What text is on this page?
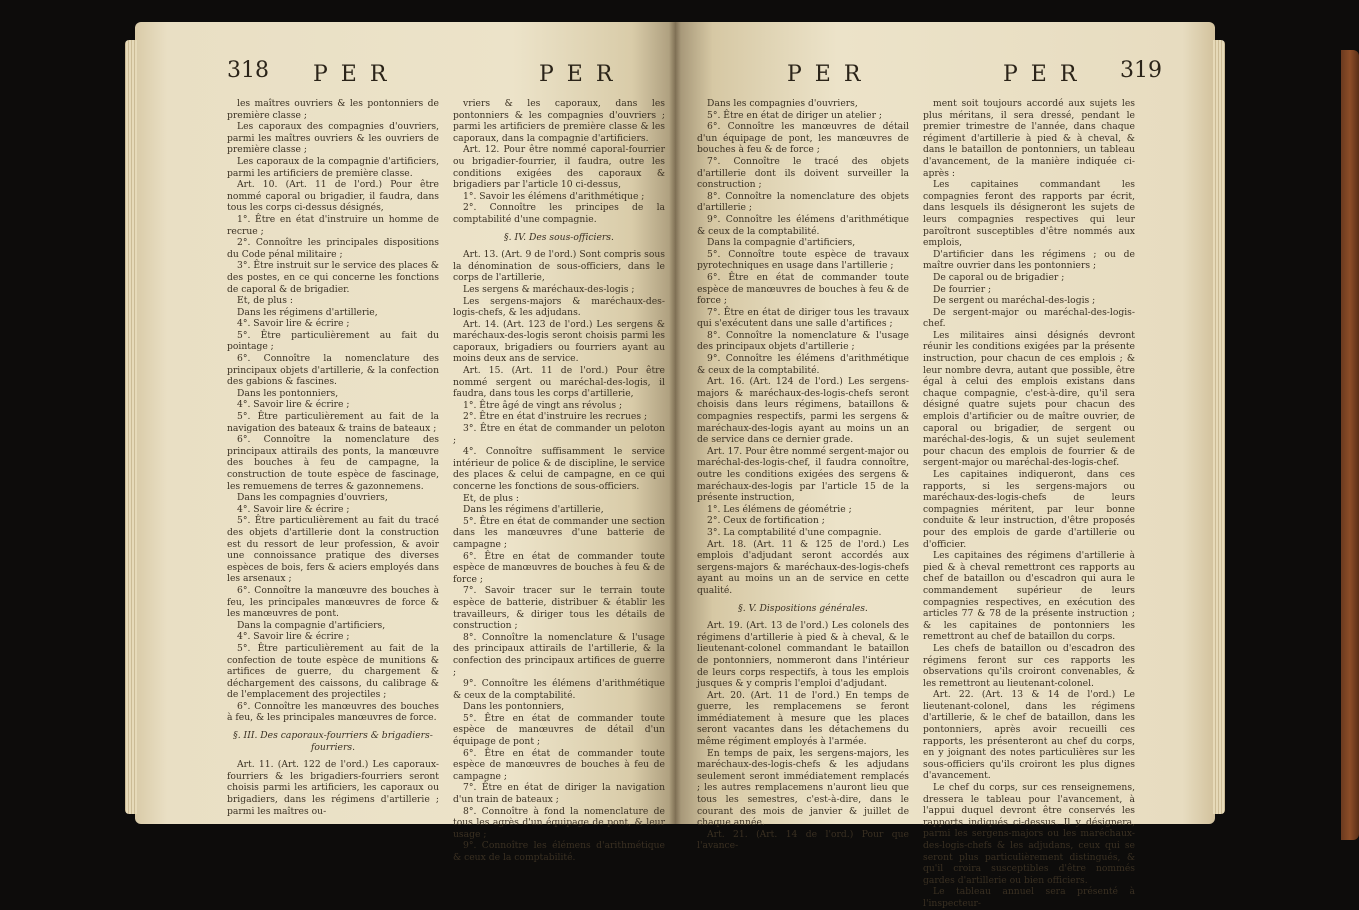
318 P E R	P E R

les maîtres ouvriers & les pontonniers de première classe ;

Les caporaux des compagnies d'ouvriers, parmi les maîtres ouvriers & les ouvriers de première classe ;

Les caporaux de la compagnie d'artificiers, parmi les artificiers de première classe.

Art. 10. (Art. 11 de l'ord.) Pour être nommé caporal ou brigadier, il faudra, dans tous les corps ci-dessus désignés,

1°. Être en état d'instruire un homme de recrue ;

2°. Connoître les principales dispositions du Code pénal militaire ;

3°. Être instruit sur le service des places & des postes, en ce qui concerne les fonctions de caporal & de brigadier.

Et, de plus :

Dans les régimens d'artillerie,

4°. Savoir lire & écrire ;

5°. Être particulièrement au fait du pointage ;

6°. Connoître la nomenclature des principaux objets d'artillerie, & la confection des gabions & fascines.

Dans les pontonniers,

4°. Savoir lire & écrire ;

5°. Être particulièrement au fait de la navigation des bateaux & trains de bateaux ;

6°. Connoître la nomenclature des principaux attirails des ponts, la manœuvre des bouches à feu de campagne, la construction de toute espèce de fascinage, les remuemens de terres & gazonnemens.

Dans les compagnies d'ouvriers,

4°. Savoir lire & écrire ;

5°. Être particulièrement au fait du tracé des objets d'artillerie dont la construction est du ressort de leur profession, & avoir une connoissance pratique des diverses espèces de bois, fers & aciers employés dans les arsenaux ;

6°. Connoître la manœuvre des bouches à feu, les principales manœuvres de force & les manœuvres de pont.

Dans la compagnie d'artificiers,

4°. Savoir lire & écrire ;

5°. Être particulièrement au fait de la confection de toute espèce de munitions & artifices de guerre, du chargement & déchargement des caissons, du calibrage & de l'emplacement des projectiles ;

6°. Connoître les manœuvres des bouches à feu, & les principales manœuvres de force.

§. III. Des caporaux-fourriers & brigadiers-fourriers.

Art. 11. (Art. 122 de l'ord.) Les caporaux-fourriers & les brigadiers-fourriers seront choisis parmi les artificiers, les caporaux ou brigadiers, dans les régimens d'artillerie ; parmi les maîtres ou-

vriers & les caporaux, dans les pontonniers & les compagnies d'ouvriers ; parmi les artificiers de première classe & les caporaux, dans la compagnie d'artificiers.

Art. 12. Pour être nommé caporal-fourrier ou brigadier-fourrier, il faudra, outre les conditions exigées des caporaux & brigadiers par l'article 10 ci-dessus,

1°. Savoir les élémens d'arithmétique ;

2°. Connoître les principes de la comptabilité d'une compagnie.

§. IV. Des sous-officiers.

Art. 13. (Art. 9 de l'ord.) Sont compris sous la dénomination de sous-officiers, dans le corps de l'artillerie,

Les sergens & maréchaux-des-logis ;

Les sergens-majors & maréchaux-des-logis-chefs, & les adjudans.

Art. 14. (Art. 123 de l'ord.) Les sergens & maréchaux-des-logis seront choisis parmi les caporaux, brigadiers ou fourriers ayant au moins deux ans de service.

Art. 15. (Art. 11 de l'ord.) Pour être nommé sergent ou maréchal-des-logis, il faudra, dans tous les corps d'artillerie,

1°. Être âgé de vingt ans révolus ;

2°. Être en état d'instruire les recrues ;

3°. Être en état de commander un peloton ;

4°. Connoître suffisamment le service intérieur de police & de discipline, le service des places & celui de campagne, en ce qui concerne les fonctions de sous-officiers.

Et, de plus :

Dans les régimens d'artillerie,

5°. Être en état de commander une section dans les manœuvres d'une batterie de campagne ;

6°. Être en état de commander toute espèce de manœuvres de bouches à feu & de force ;

7°. Savoir tracer sur le terrain toute espèce de batterie, distribuer & établir les travailleurs, & diriger tous les détails de construction ;

8°. Connoître la nomenclature & l'usage des principaux attirails de l'artillerie, & la confection des principaux artifices de guerre ;

9°. Connoître les élémens d'arithmétique & ceux de la comptabilité.

Dans les pontonniers,

5°. Être en état de commander toute espèce de manœuvres de détail d'un équipage de pont ;

6°. Être en état de commander toute espèce de manœuvres de bouches à feu de campagne ;

7°. Être en état de diriger la navigation d'un train de bateaux ;

8°. Connoître à fond la nomenclature de tous les agrès d'un équipage de pont, & leur usage ;

9°. Connoître les élémens d'arithmétique & ceux de la comptabilité.

P E R	P E R 319

Dans les compagnies d'ouvriers,

5°. Être en état de diriger un atelier ;

6°. Connoître les manœuvres de détail d'un équipage de pont, les manœuvres de bouches à feu & de force ;

7°. Connoître le tracé des objets d'artillerie dont ils doivent surveiller la construction ;

8°. Connoître la nomenclature des objets d'artillerie ;

9°. Connoître les élémens d'arithmétique & ceux de la comptabilité.

Dans la compagnie d'artificiers,

5°. Connoître toute espèce de travaux pyrotechniques en usage dans l'artillerie ;

6°. Être en état de commander toute espèce de manœuvres de bouches à feu & de force ;

7°. Être en état de diriger tous les travaux qui s'exécutent dans une salle d'artifices ;

8°. Connoître la nomenclature & l'usage des principaux objets d'artillerie ;

9°. Connoître les élémens d'arithmétique & ceux de la comptabilité.

Art. 16. (Art. 124 de l'ord.) Les sergens-majors & maréchaux-des-logis-chefs seront choisis dans leurs régimens, bataillons & compagnies respectifs, parmi les sergens & maréchaux-des-logis ayant au moins un an de service dans ce dernier grade.

Art. 17. Pour être nommé sergent-major ou maréchal-des-logis-chef, il faudra connoître, outre les conditions exigées des sergens & maréchaux-des-logis par l'article 15 de la présente instruction,

1°. Les élémens de géométrie ;

2°. Ceux de fortification ;

3°. La comptabilité d'une compagnie.

Art. 18. (Art. 11 & 125 de l'ord.) Les emplois d'adjudant seront accordés aux sergens-majors & maréchaux-des-logis-chefs ayant au moins un an de service en cette qualité.

§. V. Dispositions générales.

Art. 19. (Art. 13 de l'ord.) Les colonels des régimens d'artillerie à pied & à cheval, & le lieutenant-colonel commandant le bataillon de pontonniers, nommeront dans l'intérieur de leurs corps respectifs, à tous les emplois jusques & y compris l'emploi d'adjudant.

Art. 20. (Art. 11 de l'ord.) En temps de guerre, les remplacemens se feront immédiatement à mesure que les places seront vacantes dans les détachemens du même régiment employés à l'armée.

En temps de paix, les sergens-majors, les maréchaux-des-logis-chefs & les adjudans seulement seront immédiatement remplacés ; les autres remplacemens n'auront lieu que tous les semestres, c'est-à-dire, dans le courant des mois de janvier & juillet de chaque année.

Art. 21. (Art. 14 de l'ord.) Pour que l'avance-

ment soit toujours accordé aux sujets les plus méritans, il sera dressé, pendant le premier trimestre de l'année, dans chaque régiment d'artillerie à pied & à cheval, & dans le bataillon de pontonniers, un tableau d'avancement, de la manière indiquée ci-après :

Les capitaines commandant les compagnies feront des rapports par écrit, dans lesquels ils désigneront les sujets de leurs compagnies respectives qui leur paroîtront susceptibles d'être nommés aux emplois,

D'artificier dans les régimens ; ou de maître ouvrier dans les pontonniers ;

De caporal ou de brigadier ;

De fourrier ;

De sergent ou maréchal-des-logis ;

De sergent-major ou maréchal-des-logis-chef.

Les militaires ainsi désignés devront réunir les conditions exigées par la présente instruction, pour chacun de ces emplois ; & leur nombre devra, autant que possible, être égal à celui des emplois existans dans chaque compagnie, c'est-à-dire, qu'il sera désigné quatre sujets pour chacun des emplois d'artificier ou de maître ouvrier, de caporal ou brigadier, de sergent ou maréchal-des-logis, & un sujet seulement pour chacun des emplois de fourrier & de sergent-major ou maréchal-des-logis-chef.

Les capitaines indiqueront, dans ces rapports, si les sergens-majors ou maréchaux-des-logis-chefs de leurs compagnies méritent, par leur bonne conduite & leur instruction, d'être proposés pour des emplois de garde d'artillerie ou d'officier.

Les capitaines des régimens d'artillerie à pied & à cheval remettront ces rapports au chef de bataillon ou d'escadron qui aura le commandement supérieur de leurs compagnies respectives, en exécution des articles 77 & 78 de la présente instruction ; & les capitaines de pontonniers les remettront au chef de bataillon du corps.

Les chefs de bataillon ou d'escadron des régimens feront sur ces rapports les observations qu'ils croiront convenables, & les remettront au lieutenant-colonel.

Art. 22. (Art. 13 & 14 de l'ord.) Le lieutenant-colonel, dans les régimens d'artillerie, & le chef de bataillon, dans les pontonniers, après avoir recueilli ces rapports, les présenteront au chef du corps, en y joignant des notes particulières sur les sous-officiers qu'ils croiront les plus dignes d'avancement.

Le chef du corps, sur ces renseignemens, dressera le tableau pour l'avancement, à l'appui duquel devront être conservés les rapports indiqués ci-dessus. Il y désignera, parmi les sergens-majors ou les maréchaux-des-logis-chefs & les adjudans, ceux qui se seront plus particulièrement distingués, & qu'il croira susceptibles d'être nommés gardes d'artillerie ou bien officiers.

Le tableau annuel sera présenté à l'inspecteur-
